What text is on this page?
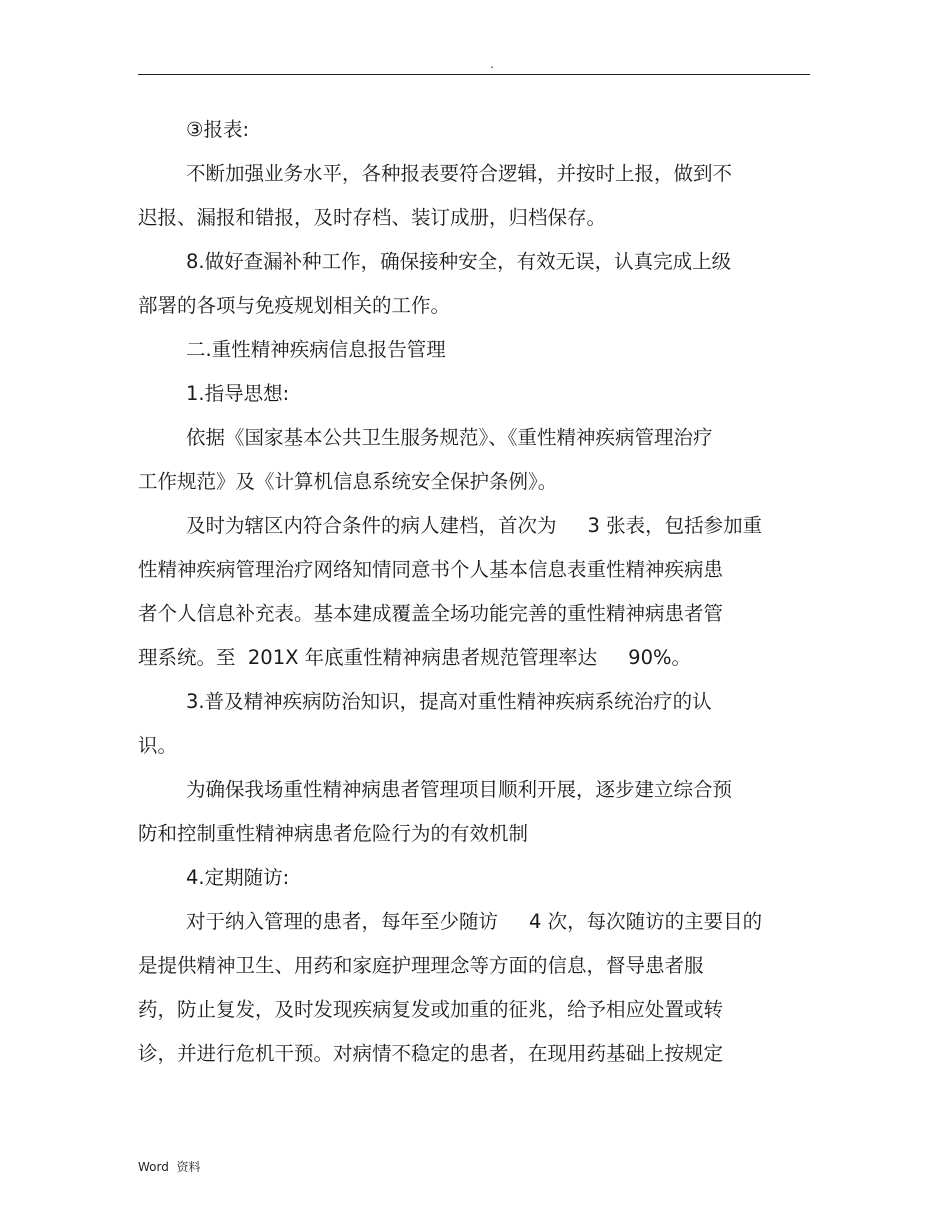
.
③报表:
不断加强业务水平，各种报表要符合逻辑，并按时上报，做到不
迟报、漏报和错报，及时存档、装订成册，归档保存。
8.做好查漏补种工作，确保接种安全，有效无误，认真完成上级
部署的各项与免疫规划相关的工作。
二.重性精神疾病信息报告管理
1.指导思想:
依据《国家基本公共卫生服务规范》、《重性精神疾病管理治疗
工作规范》及《计算机信息系统安全保护条例》。
及时为辖区内符合条件的病人建档，首次为     3 张表，包括参加重
性精神疾病管理治疗网络知情同意书个人基本信息表重性精神疾病患
者个人信息补充表。基本建成覆盖全场功能完善的重性精神病患者管
理系统。至  201X 年底重性精神病患者规范管理率达     90%。
3.普及精神疾病防治知识，提高对重性精神疾病系统治疗的认
识。
为确保我场重性精神病患者管理项目顺利开展，逐步建立综合预
防和控制重性精神病患者危险行为的有效机制
4.定期随访:
对于纳入管理的患者，每年至少随访     4 次，每次随访的主要目的
是提供精神卫生、用药和家庭护理理念等方面的信息，督导患者服
药，防止复发，及时发现疾病复发或加重的征兆，给予相应处置或转
诊，并进行危机干预。对病情不稳定的患者，在现用药基础上按规定
Word  资料
